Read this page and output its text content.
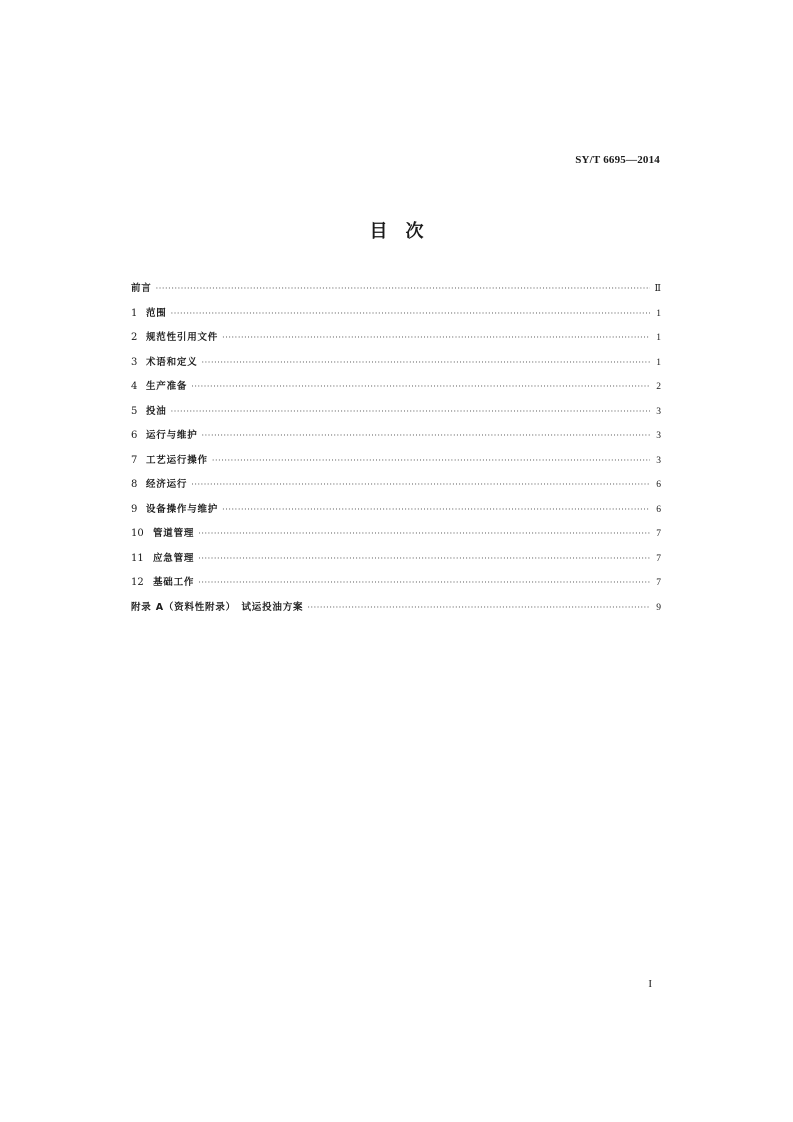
SY/T 6695—2014
目　次
前言 ·····	Ⅱ
1 范围 ·····	1
2 规范性引用文件 ·····	1
3 术语和定义 ·····	1
4 生产准备 ·····	2
5 投油 ·····	3
6 运行与维护 ·····	3
7 工艺运行操作 ·····	3
8 经济运行 ·····	6
9 设备操作与维护 ·····	6
10 管道管理 ·····	7
11 应急管理 ·····	7
12 基础工作 ·····	7
附录 A（资料性附录）　试运投油方案 ·····	9
I
